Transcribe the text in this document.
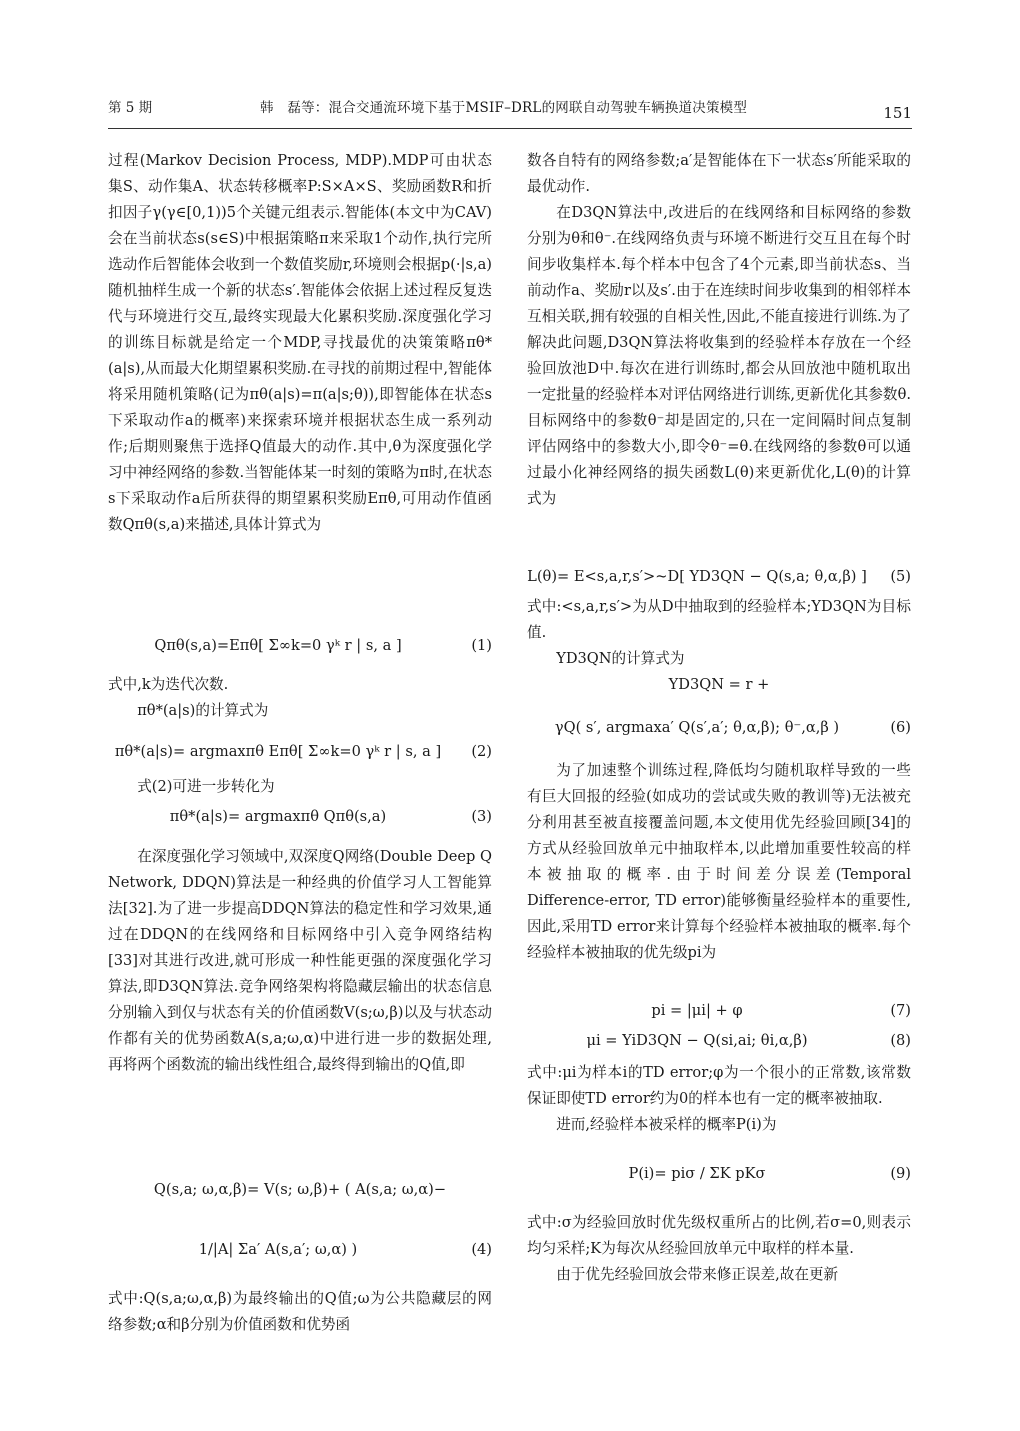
第 5 期	韩　磊等：混合交通流环境下基于MSIF–DRL的网联自动驾驶车辆换道决策模型	151

过程(Markov Decision Process, MDP).MDP可由状态集S、动作集A、状态转移概率P:S×A×S、奖励函数R和折扣因子γ(γ∈[0,1))5个关键元组表示.智能体(本文中为CAV)会在当前状态s(s∈S)中根据策略π来采取1个动作,执行完所选动作后智能体会收到一个数值奖励r,环境则会根据p(·|s,a)随机抽样生成一个新的状态s′.智能体会依据上述过程反复迭代与环境进行交互,最终实现最大化累积奖励.深度强化学习的训练目标就是给定一个MDP,寻找最优的决策策略πθ*(a|s),从而最大化期望累积奖励.在寻找的前期过程中,智能体将采用随机策略(记为πθ(a|s)=π(a|s;θ)),即智能体在状态s下采取动作a的概率)来探索环境并根据状态生成一系列动作;后期则聚焦于选择Q值最大的动作.其中,θ为深度强化学习中神经网络的参数.当智能体某一时刻的策略为π时,在状态s下采取动作a后所获得的期望累积奖励Eπθ,可用动作值函数Qπθ(s,a)来描述,具体计算式为

Qπθ(s,a)=Eπθ[ Σ∞k=0 γᵏ r | s, a ]	(1)

式中,k为迭代次数.

πθ*(a|s)的计算式为

πθ*(a|s)= argmaxπθ Eπθ[ Σ∞k=0 γᵏ r | s, a ]	(2)

式(2)可进一步转化为

πθ*(a|s)= argmaxπθ Qπθ(s,a)	(3)

在深度强化学习领域中,双深度Q网络(Double Deep Q Network, DDQN)算法是一种经典的价值学习人工智能算法[32].为了进一步提高DDQN算法的稳定性和学习效果,通过在DDQN的在线网络和目标网络中引入竞争网络结构[33]对其进行改进,就可形成一种性能更强的深度强化学习算法,即D3QN算法.竞争网络架构将隐藏层输出的状态信息分别输入到仅与状态有关的价值函数V(s;ω,β)以及与状态动作都有关的优势函数A(s,a;ω,α)中进行进一步的数据处理,再将两个函数流的输出线性组合,最终得到输出的Q值,即

Q(s,a; ω,α,β)= V(s; ω,β)+ ( A(s,a; ω,α)−
1/|A| Σa′ A(s,a′; ω,α) )	(4)

式中:Q(s,a;ω,α,β)为最终输出的Q值;ω为公共隐藏层的网络参数;α和β分别为价值函数和优势函

数各自特有的网络参数;a′是智能体在下一状态s′所能采取的最优动作.

在D3QN算法中,改进后的在线网络和目标网络的参数分别为θ和θ⁻.在线网络负责与环境不断进行交互且在每个时间步收集样本.每个样本中包含了4个元素,即当前状态s、当前动作a、奖励r以及s′.由于在连续时间步收集到的相邻样本互相关联,拥有较强的自相关性,因此,不能直接进行训练.为了解决此问题,D3QN算法将收集到的经验样本存放在一个经验回放池D中.每次在进行训练时,都会从回放池中随机取出一定批量的经验样本对评估网络进行训练,更新优化其参数θ.目标网络中的参数θ⁻却是固定的,只在一定间隔时间点复制评估网络中的参数大小,即令θ⁻=θ.在线网络的参数θ可以通过最小化神经网络的损失函数L(θ)来更新优化,L(θ)的计算式为

L(θ)= E<s,a,r,s′>~D[ YD3QN − Q(s,a; θ,α,β) ] (5)

式中:<s,a,r,s′>为从D中抽取到的经验样本;YD3QN为目标值.

YD3QN的计算式为

YD3QN = r +
γQ( s′, argmaxa′ Q(s′,a′; θ,α,β); θ⁻,α,β )	(6)

为了加速整个训练过程,降低均匀随机取样导致的一些有巨大回报的经验(如成功的尝试或失败的教训等)无法被充分利用甚至被直接覆盖问题,本文使用优先经验回顾[34]的方式从经验回放单元中抽取样本,以此增加重要性较高的样本被抽取的概率.由于时间差分误差(Temporal Difference-error, TD error)能够衡量经验样本的重要性,因此,采用TD error来计算每个经验样本被抽取的概率.每个经验样本被抽取的优先级pi为

pi = |μi| + φ	(7)
μi = YiD3QN − Q(si,ai; θi,α,β)	(8)

式中:μi为样本i的TD error;φ为一个很小的正常数,该常数保证即使TD error约为0的样本也有一定的概率被抽取.

进而,经验样本被采样的概率P(i)为

P(i)= piσ / ΣK pKσ	(9)

式中:σ为经验回放时优先级权重所占的比例,若σ=0,则表示均匀采样;K为每次从经验回放单元中取样的样本量.

由于优先经验回放会带来修正误差,故在更新
